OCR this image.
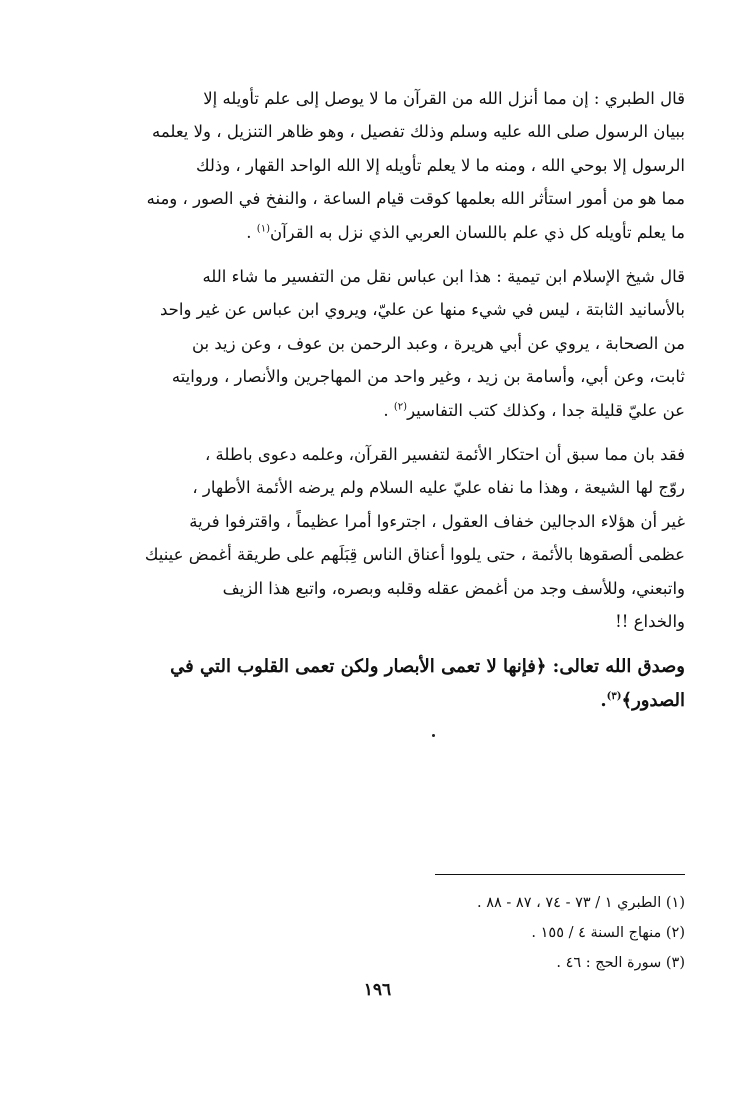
قال الطبري : إن مما أنزل الله من القرآن ما لا يوصل إلى علم تأويله إلا
ببيان الرسول صلى الله عليه وسلم وذلك تفصيل ، وهو ظاهر التنزيل ، ولا يعلمه
الرسول إلا بوحي الله ، ومنه ما لا يعلم تأويله إلا الله الواحد القهار ، وذلك
مما هو من أمور استأثر الله بعلمها كوقت قيام الساعة ، والنفخ في الصور ، ومنه
ما يعلم تأويله كل ذي علم باللسان العربي الذي نزل به القرآن$^{(١)}$ .
قال شيخ الإسلام ابن تيمية : هذا ابن عباس نقل من التفسير ما شاء الله
بالأسانيد الثابتة ، ليس في شيء منها عن عليّ، ويروي ابن عباس عن غير واحد
من الصحابة ، يروي عن أبي هريرة ، وعبد الرحمن بن عوف ، وعن زيد بن
ثابت، وعن أبي، وأسامة بن زيد ، وغير واحد من المهاجرين والأنصار ، وروايته
عن عليّ قليلة جدا ، وكذلك كتب التفاسير$^{(٢)}$ .
فقد بان مما سبق أن احتكار الأئمة لتفسير القرآن، وعلمه دعوى باطلة ،
روّج لها الشيعة ، وهذا ما نفاه عليّ عليه السلام ولم يرضه الأئمة الأطهار ،
غير أن هؤلاء الدجالين خفاف العقول ، اجترءوا أمرا عظيماً ، واقترفوا فرية
عظمى ألصقوها بالأئمة ، حتى يلووا أعناق الناس قِبَلَهم على طريقة أغمض عينيك
واتبعني، وللأسف وجد من أغمض عقله وقلبه وبصره، واتبع هذا الزيف
والخداع !!
وصدق الله تعالى: ﴿فإنها لا تعمى الأبصار ولكن تعمى القلوب التي في
الصدور﴾$^{(٣)}$.

(١) الطبري ١ / ٧٣ - ٧٤ ، ٨٧ - ٨٨ .

(٢) منهاج السنة ٤ / ١٥٥ .

(٣) سورة الحج : ٤٦ .

١٩٦
